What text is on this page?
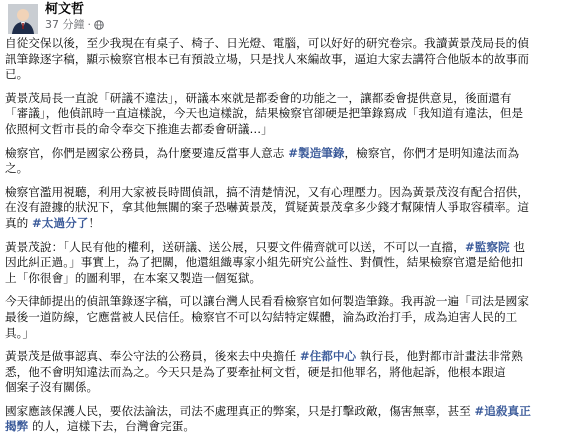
柯文哲
37 分鐘 ·
自從交保以後，至少我現在有桌子、椅子、日光燈、電腦，可以好好的研究卷宗。我讀黃景茂局長的偵
訊筆錄逐字稿，顯示檢察官根本已有預設立場，只是找人來編故事，逼迫大家去講符合他版本的故事而
已。
黃景茂局長一直說「研議不違法」，研議本來就是都委會的功能之一，讓都委會提供意見，後面還有
「審議」，他偵訊時一直這樣說，今天也這樣說，結果檢察官卻硬是把筆錄寫成「我知道有違法，但是
依照柯文哲市長的命令奉交下推進去都委會研議…」
檢察官，你們是國家公務員，為什麼要違反當事人意志 #製造筆錄，檢察官，你們才是明知違法而為
之。
檢察官濫用視聽，利用大家被長時間偵訊，搞不清楚情況，又有心理壓力。因為黃景茂沒有配合招供，
在沒有證據的狀況下，拿其他無關的案子恐嚇黃景茂，質疑黃景茂拿多少錢才幫陳情人爭取容積率。這
真的 #太過分了！
黃景茂說：「人民有他的權利，送研議、送公展，只要文件備齊就可以送，不可以一直擋，#監察院 也
因此糾正過。」事實上，為了把關，他還組織專家小組先研究公益性、對價性，結果檢察官還是給他扣
上「你很會」的圖利罪，在本案又製造一個冤獄。
今天律師提出的偵訊筆錄逐字稿，可以讓台灣人民看看檢察官如何製造筆錄。我再說一遍「司法是國家
最後一道防線，它應當被人民信任。檢察官不可以勾結特定媒體，淪為政治打手，成為迫害人民的工
具。」
黃景茂是做事認真、奉公守法的公務員，後來去中央擔任 #住都中心 執行長，他對都市計畫法非常熟
悉，他不會明知違法而為之。今天只是為了要牽扯柯文哲，硬是扣他罪名，將他起訴，他根本跟這
個案子沒有關係。
國家應該保護人民，要依法論法，司法不處理真正的弊案，只是打擊政敵，傷害無辜，甚至 #追殺真正
揭弊 的人，這樣下去，台灣會完蛋。
